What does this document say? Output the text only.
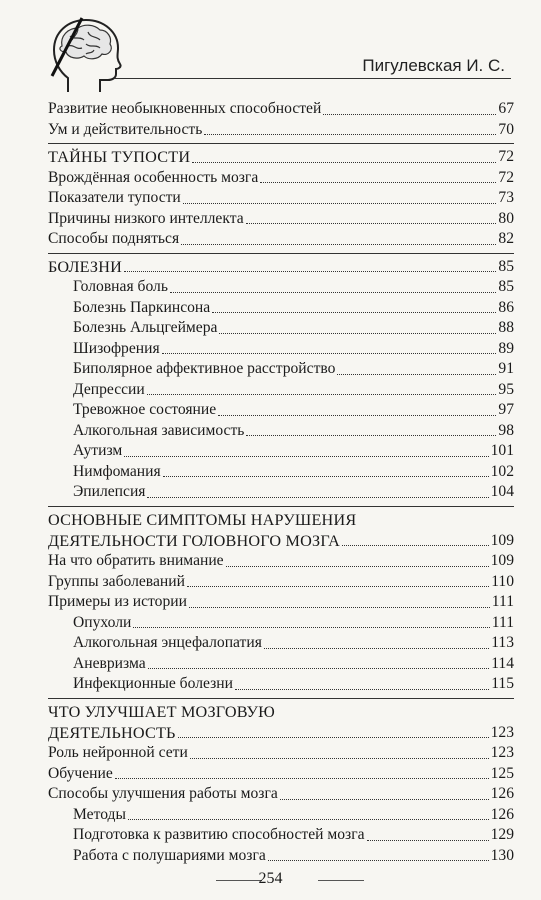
Пигулевская И. С.
Развитие необыкновенных способностей	67
Ум и действительность	70
ТАЙНЫ ТУПОСТИ	72
Врождённая особенность мозга	72
Показатели тупости	73
Причины низкого интеллекта	80
Способы подняться	82
БОЛЕЗНИ	85
Головная боль	85
Болезнь Паркинсона	86
Болезнь Альцгеймера	88
Шизофрения	89
Биполярное аффективное расстройство	91
Депрессии	95
Тревожное состояние	97
Алкогольная зависимость	98
Аутизм	101
Нимфомания	102
Эпилепсия	104
ОСНОВНЫЕ СИМПТОМЫ НАРУШЕНИЯ
ДЕЯТЕЛЬНОСТИ ГОЛОВНОГО МОЗГА	109
На что обратить внимание	109
Группы заболеваний	110
Примеры из истории	111
Опухоли	111
Алкогольная энцефалопатия	113
Аневризма	114
Инфекционные болезни	115
ЧТО УЛУЧШАЕТ МОЗГОВУЮ
ДЕЯТЕЛЬНОСТЬ	123
Роль нейронной сети	123
Обучение	125
Способы улучшения работы мозга	126
Методы	126
Подготовка к развитию способностей мозга	129
Работа с полушариями мозга	130
254
